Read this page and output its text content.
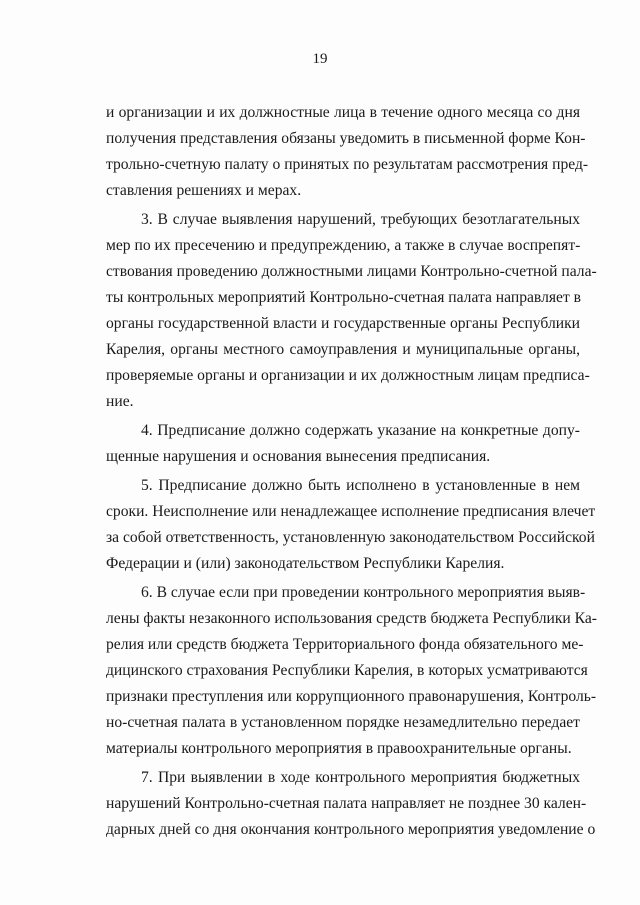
19
и организации и их должностные лица в течение одного месяца со дня
получения представления обязаны уведомить в письменной форме Кон-
трольно-счетную палату о принятых по результатам рассмотрения пред-
ставления решениях и мерах.
3. В случае выявления нарушений, требующих безотлагательных
мер по их пресечению и предупреждению, а также в случае воспрепят-
ствования проведению должностными лицами Контрольно-счетной пала-
ты контрольных мероприятий Контрольно-счетная палата направляет в
органы государственной власти и государственные органы Республики
Карелия, органы местного самоуправления и муниципальные органы,
проверяемые органы и организации и их должностным лицам предписа-
ние.
4. Предписание должно содержать указание на конкретные допу-
щенные нарушения и основания вынесения предписания.
5. Предписание должно быть исполнено в установленные в нем
сроки. Неисполнение или ненадлежащее исполнение предписания влечет
за собой ответственность, установленную законодательством Российской
Федерации и (или) законодательством Республики Карелия.
6. В случае если при проведении контрольного мероприятия выяв-
лены факты незаконного использования средств бюджета Республики Ка-
релия или средств бюджета Территориального фонда обязательного ме-
дицинского страхования Республики Карелия, в которых усматриваются
признаки преступления или коррупционного правонарушения, Контроль-
но-счетная палата в установленном порядке незамедлительно передает
материалы контрольного мероприятия в правоохранительные органы.
7. При выявлении в ходе контрольного мероприятия бюджетных
нарушений Контрольно-счетная палата направляет не позднее 30 кален-
дарных дней со дня окончания контрольного мероприятия уведомление о
